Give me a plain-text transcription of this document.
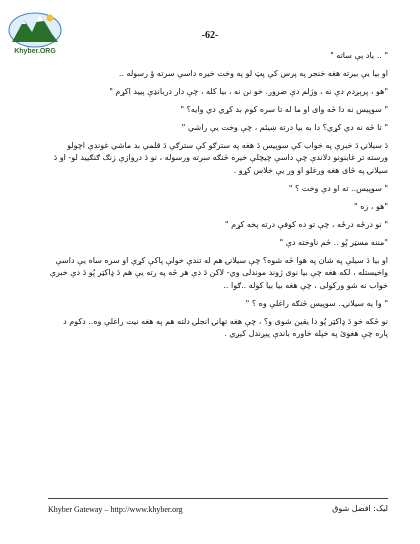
Khyber.ORG
-62-

" .. یاد یې ساته "

او بیا یې بیرته هغه خنجر په پرس کې پټ لو په وخت خیره داسې سرته ؤ رسوله ..

"هو ، پرېږدم دې نه ، وژلم دې ضرور. خو نن نه ، بیا کله ، چې دار دربانډې پیید اکړم "

" سوپیس نه دا څه وای او ما له تا سره کوم بد کړي دي وایه؟ "

" تا څه نه دي کړي؟ دا به بیا درته ښیئم ، چې وخت یې راشي "

دَ سیلانۍ دَ خبرې په خواب کې سوپیس دَ هغه په سترګو کې سترګې دَ قلمي بد ماشي غوندې اچولو ورسته تر غابنونو دلاندې چې داسې چیچلې خیره څنګه سرته ورسوله ، نو دَ دروازې زنګ ګنګيید لو- او دَ سیلانۍ په څای هغه ورغلو او ور یې خلاس کړو .

" سوپیس.. ته او دې وخت ؟ "

"هو ، زه "

" نو درځه درځه ، چې تو ده کوفې درته پخه کړم "

"مننه مسټر پُو .. څم ناوخته دې "

او بیا دَ سیلې په شان په هوا څه شوه؟ چې سیلانۍ هم له تندې خولې پاکې کړې او سره ساه یې داسې واخیستله ، لکه هغه چې بیا نوی ژوند موندلی وي- لاکن دَ دې هر څه په رته یې هم دَ ډاکټر پُو دَ دې خبرې خواب نه شو ورکولی ، چې هغه بیا بیا کوله ..ګوا ..

" وا یه سیلانۍ.. سوپیس څنګه راغلې وه ؟ "

نو څکه خو دَ ډاکټر پُو دا یقین شوی و؟ ، چې هغه تهانۍ انجلۍ دلته هم په هغه نیت راغلې وه.. دکوم د پاره چې هغوئ په خپله خاوره باندې پیږندل کیږي .

Khyber Gateway – http://www.khyber.org	لیک: افضل شوق
